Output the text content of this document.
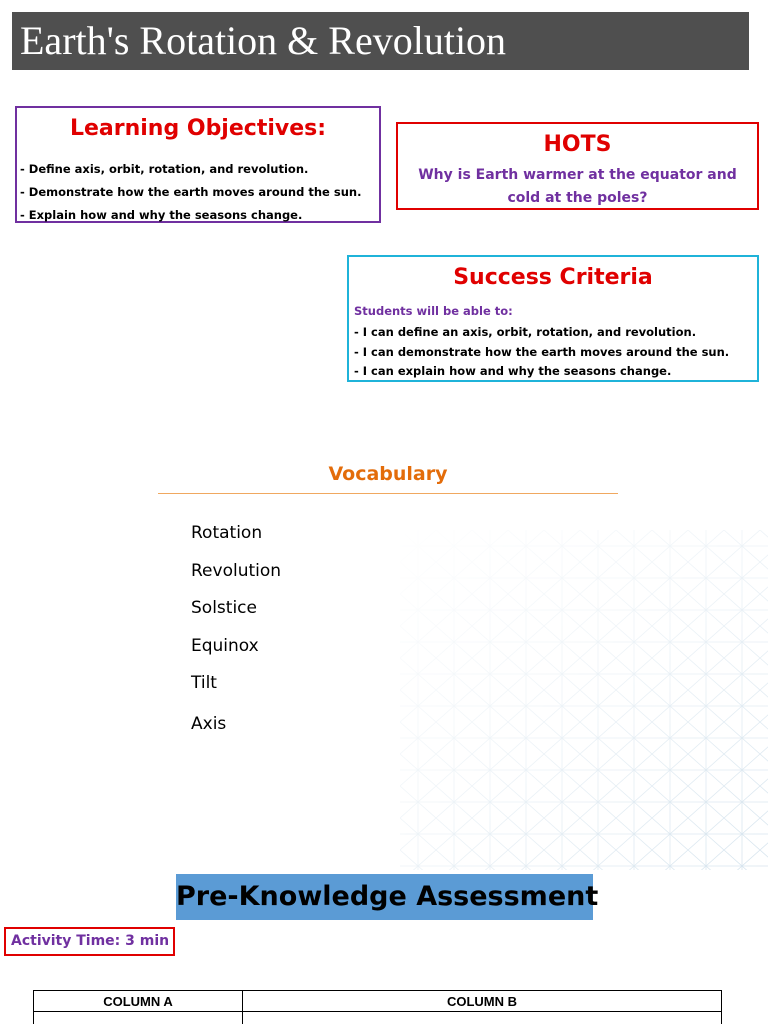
Earth's Rotation & Revolution
Learning Objectives:
- Define axis, orbit, rotation, and revolution.
- Demonstrate how the earth moves around the sun.
- Explain how and why the seasons change.
HOTS
Why is Earth warmer at the equator and cold at the poles?
Success Criteria
Students will be able to:
- I can define an axis, orbit, rotation, and revolution.
- I can demonstrate how the earth moves around the sun.
- I can explain how and why the seasons change.
Vocabulary
Rotation
Revolution
Solstice
Equinox
Tilt
Axis
Pre-Knowledge Assessment
Activity Time: 3 min
COLUMN A	COLUMN B
